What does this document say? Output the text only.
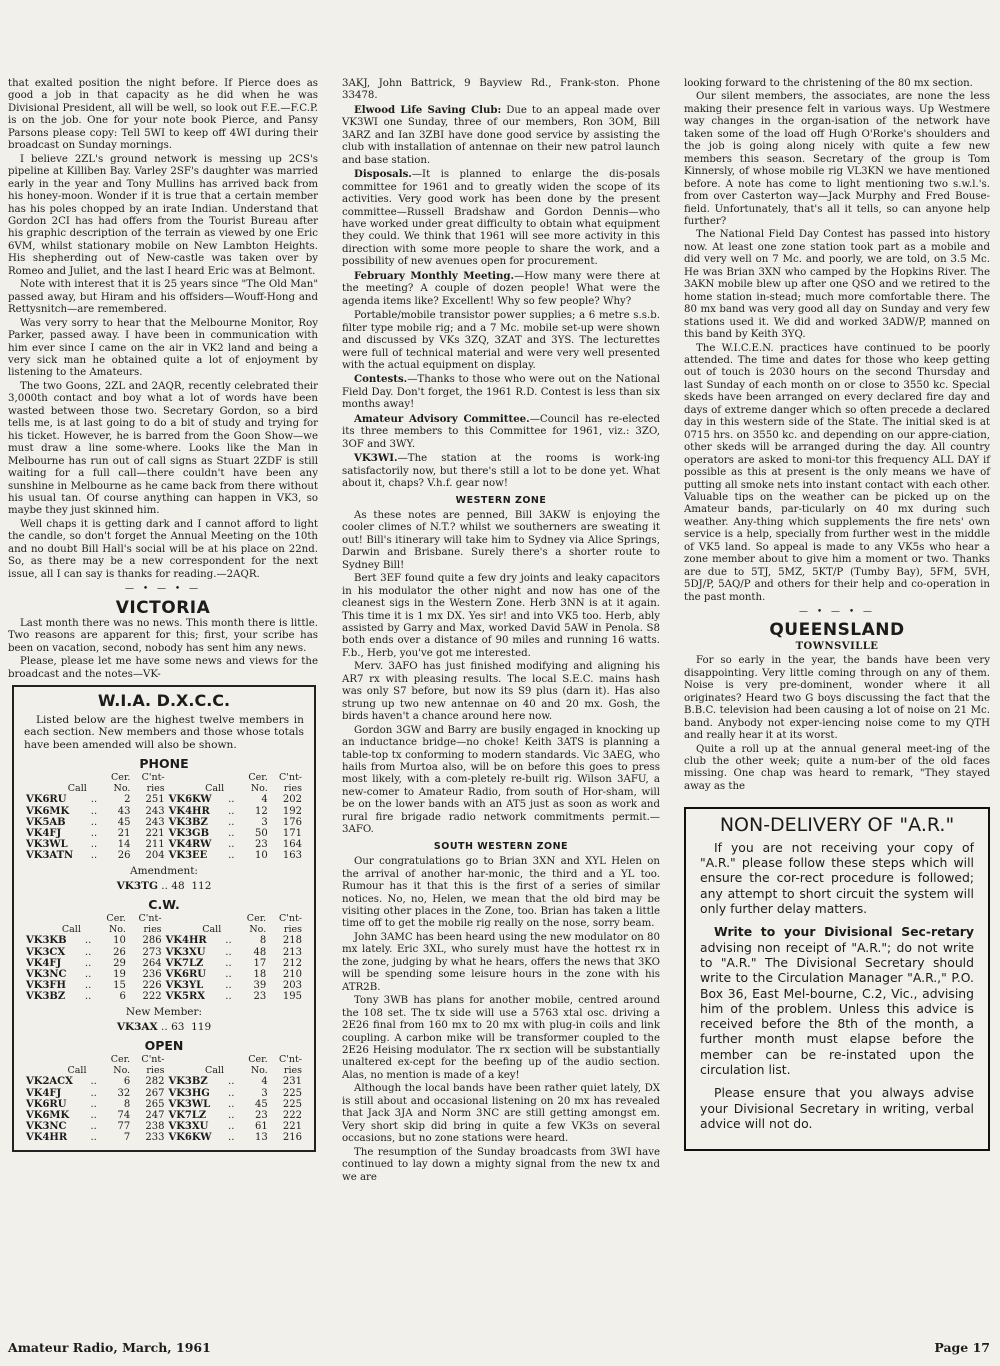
that exalted position the night before. If Pierce does as good a job in that capacity as he did when he was Divisional President, all will be well, so look out F.E.—F.C.P. is on the job. One for your note book Pierce, and Pansy Parsons please copy: Tell 5WI to keep off 4WI during their broadcast on Sunday mornings.

I believe 2ZL's ground network is messing up 2CS's pipeline at Killiben Bay. Varley 2SF's daughter was married early in the year and Tony Mullins has arrived back from his honey-moon. Wonder if it is true that a certain member has his poles chopped by an irate Indian. Understand that Gordon 2CI has had offers from the Tourist Bureau after his graphic description of the terrain as viewed by one Eric 6VM, whilst stationary mobile on New Lambton Heights. His shepherding out of New-castle was taken over by Romeo and Juliet, and the last I heard Eric was at Belmont.

Note with interest that it is 25 years since "The Old Man" passed away, but Hiram and his offsiders—Wouff-Hong and Rettysnitch—are remembered.

Was very sorry to hear that the Melbourne Monitor, Roy Parker, passed away. I have been in communication with him ever since I came on the air in VK2 land and being a very sick man he obtained quite a lot of enjoyment by listening to the Amateurs.

The two Goons, 2ZL and 2AQR, recently celebrated their 3,000th contact and boy what a lot of words have been wasted between those two. Secretary Gordon, so a bird tells me, is at last going to do a bit of study and trying for his ticket. However, he is barred from the Goon Show—we must draw a line some-where. Looks like the Man in Melbourne has run out of call signs as Stuart 2ZDF is still waiting for a full call—there couldn't have been any sunshine in Melbourne as he came back from there without his usual tan. Of course anything can happen in VK3, so maybe they just skinned him.

Well chaps it is getting dark and I cannot afford to light the candle, so don't forget the Annual Meeting on the 10th and no doubt Bill Hall's social will be at his place on 22nd. So, as there may be a new correspondent for the next issue, all I can say is thanks for reading.—2AQR.

— • — • —
VICTORIA

Last month there was no news. This month there is little. Two reasons are apparent for this; first, your scribe has been on vacation, second, nobody has sent him any news.

Please, please let me have some news and views for the broadcast and the notes—VK-

W.I.A. D.X.C.C.

Listed below are the highest twelve members in each section. New members and those whose totals have been amended will also be shown.

PHONE
		Cer.	C'nt-			Cer.	C'nt-
Call		No.	ries	Call		No.	ries
VK6RU	..	2	251	VK6KW	..	4	202
VK6MK	..	43	243	VK4HR	..	12	192
VK5AB	..	45	243	VK3BZ	..	3	176
VK4FJ	..	21	221	VK3GB	..	50	171
VK3WL	..	14	211	VK4RW	..	23	164
VK3ATN	..	26	204	VK3EE	..	10	163
Amendment:
VK3TG .. 48 112
C.W.
		Cer.	C'nt-			Cer.	C'nt-
Call		No.	ries	Call		No.	ries
VK3KB	..	10	286	VK4HR	..	8	218
VK3CX	..	26	273	VK3XU	..	48	213
VK4FJ	..	29	264	VK7LZ	..	17	212
VK3NC	..	19	236	VK6RU	..	18	210
VK3FH	..	15	226	VK3YL	..	39	203
VK3BZ	..	6	222	VK5RX	..	23	195
New Member:
VK3AX .. 63 119
OPEN
		Cer.	C'nt-			Cer.	C'nt-
Call		No.	ries	Call		No.	ries
VK2ACX	..	6	282	VK3BZ	..	4	231
VK4FJ	..	32	267	VK3HG	..	3	225
VK6RU	..	8	265	VK3WL	..	45	225
VK6MK	..	74	247	VK7LZ	..	23	222
VK3NC	..	77	238	VK3XU	..	61	221
VK4HR	..	7	233	VK6KW	..	13	216

3AKJ, John Battrick, 9 Bayview Rd., Frank-ston. Phone 33478.

Elwood Life Saving Club: Due to an appeal made over VK3WI one Sunday, three of our members, Ron 3OM, Bill 3ARZ and Ian 3ZBI have done good service by assisting the club with installation of antennae on their new patrol launch and base station.

Disposals.—It is planned to enlarge the dis-posals committee for 1961 and to greatly widen the scope of its activities. Very good work has been done by the present committee—Russell Bradshaw and Gordon Dennis—who have worked under great difficulty to obtain what equipment they could. We think that 1961 will see more activity in this direction with some more people to share the work, and a possibility of new avenues open for procurement.

February Monthly Meeting.—How many were there at the meeting? A couple of dozen people! What were the agenda items like? Excellent! Why so few people? Why?

Portable/mobile transistor power supplies; a 6 metre s.s.b. filter type mobile rig; and a 7 Mc. mobile set-up were shown and discussed by VKs 3ZQ, 3ZAT and 3YS. The lecturettes were full of technical material and were very well presented with the actual equipment on display.

Contests.—Thanks to those who were out on the National Field Day. Don't forget, the 1961 R.D. Contest is less than six months away!

Amateur Advisory Committee.—Council has re-elected its three members to this Committee for 1961, viz.: 3ZO, 3OF and 3WY.

VK3WI.—The station at the rooms is work-ing satisfactorily now, but there's still a lot to be done yet. What about it, chaps? V.h.f. gear now!

WESTERN ZONE

As these notes are penned, Bill 3AKW is enjoying the cooler climes of N.T.? whilst we southerners are sweating it out! Bill's itinerary will take him to Sydney via Alice Springs, Darwin and Brisbane. Surely there's a shorter route to Sydney Bill!

Bert 3EF found quite a few dry joints and leaky capacitors in his modulator the other night and now has one of the cleanest sigs in the Western Zone. Herb 3NN is at it again. This time it is 1 mx DX. Yes sir! and into VK5 too. Herb, ably assisted by Garry and Max, worked David 5AW in Penola. S8 both ends over a distance of 90 miles and running 16 watts. F.b., Herb, you've got me interested.

Merv. 3AFO has just finished modifying and aligning his AR7 rx with pleasing results. The local S.E.C. mains hash was only S7 before, but now its S9 plus (darn it). Has also strung up two new antennae on 40 and 20 mx. Gosh, the birds haven't a chance around here now.

Gordon 3GW and Barry are busily engaged in knocking up an inductance bridge—no choke! Keith 3ATS is planning a table-top tx conforming to modern standards. Vic 3AEG, who hails from Murtoa also, will be on before this goes to press most likely, with a com-pletely re-built rig. Wilson 3AFU, a new-comer to Amateur Radio, from south of Hor-sham, will be on the lower bands with an AT5 just as soon as work and rural fire brigade radio network commitments permit.—3AFO.

SOUTH WESTERN ZONE

Our congratulations go to Brian 3XN and XYL Helen on the arrival of another har-monic, the third and a YL too. Rumour has it that this is the first of a series of similar notices. No, no, Helen, we mean that the old bird may be visiting other places in the Zone, too. Brian has taken a little time off to get the mobile rig really on the nose, sorry beam.

John 3AMC has been heard using the new modulator on 80 mx lately. Eric 3XL, who surely must have the hottest rx in the zone, judging by what he hears, offers the news that 3KO will be spending some leisure hours in the zone with his ATR2B.

Tony 3WB has plans for another mobile, centred around the 108 set. The tx side will use a 5763 xtal osc. driving a 2E26 final from 160 mx to 20 mx with plug-in coils and link coupling. A carbon mike will be transformer coupled to the 2E26 Heising modulator. The rx section will be substantially unaltered ex-cept for the beefing up of the audio section. Alas, no mention is made of a key!

Although the local bands have been rather quiet lately, DX is still about and occasional listening on 20 mx has revealed that Jack 3JA and Norm 3NC are still getting amongst em. Very short skip did bring in quite a few VK3s on several occasions, but no zone stations were heard.

The resumption of the Sunday broadcasts from 3WI have continued to lay down a mighty signal from the new tx and we are

looking forward to the christening of the 80 mx section.

Our silent members, the associates, are none the less making their presence felt in various ways. Up Westmere way changes in the organ-isation of the network have taken some of the load off Hugh O'Rorke's shoulders and the job is going along nicely with quite a few new members this season. Secretary of the group is Tom Kinnersly, of whose mobile rig VL3KN we have mentioned before. A note has come to light mentioning two s.w.l.'s. from over Casterton way—Jack Murphy and Fred Bouse-field. Unfortunately, that's all it tells, so can anyone help further?

The National Field Day Contest has passed into history now. At least one zone station took part as a mobile and did very well on 7 Mc. and poorly, we are told, on 3.5 Mc. He was Brian 3XN who camped by the Hopkins River. The 3AKN mobile blew up after one QSO and we retired to the home station in-stead; much more comfortable there. The 80 mx band was very good all day on Sunday and very few stations used it. We did and worked 3ADW/P, manned on this band by Keith 3YQ.

The W.I.C.E.N. practices have continued to be poorly attended. The time and dates for those who keep getting out of touch is 2030 hours on the second Thursday and last Sunday of each month on or close to 3550 kc. Special skeds have been arranged on every declared fire day and days of extreme danger which so often precede a declared day in this western side of the State. The initial sked is at 0715 hrs. on 3550 kc. and depending on our appre-ciation, other skeds will be arranged during the day. All country operators are asked to moni-tor this frequency ALL DAY if possible as this at present is the only means we have of putting all smoke nets into instant contact with each other. Valuable tips on the weather can be picked up on the Amateur bands, par-ticularly on 40 mx during such weather. Any-thing which supplements the fire nets' own service is a help, specially from further west in the middle of VK5 land. So appeal is made to any VK5s who hear a zone member about to give him a moment or two. Thanks are due to 5TJ, 5MZ, 5KT/P (Tumby Bay), 5FM, 5VH, 5DJ/P, 5AQ/P and others for their help and co-operation in the past month.

— • — • —
QUEENSLAND
TOWNSVILLE

For so early in the year, the bands have been very disappointing. Very little coming through on any of them. Noise is very pre-dominent, wonder where it all originates? Heard two G boys discussing the fact that the B.B.C. television had been causing a lot of noise on 21 Mc. band. Anybody not exper-iencing noise come to my QTH and really hear it at its worst.

Quite a roll up at the annual general meet-ing of the club the other week; quite a num-ber of the old faces missing. One chap was heard to remark, "They stayed away as the

NON-DELIVERY OF "A.R."

If you are not receiving your copy of "A.R." please follow these steps which will ensure the cor-rect procedure is followed; any attempt to short circuit the system will only further delay matters.

Write to your Divisional Sec-retary advising non receipt of "A.R."; do not write to "A.R." The Divisional Secretary should write to the Circulation Manager "A.R.," P.O. Box 36, East Mel-bourne, C.2, Vic., advising him of the problem. Unless this advice is received before the 8th of the month, a further month must elapse before the member can be re-instated upon the circulation list.

Please ensure that you always advise your Divisional Secretary in writing, verbal advice will not do.

Amateur Radio, March, 1961	Page 17
